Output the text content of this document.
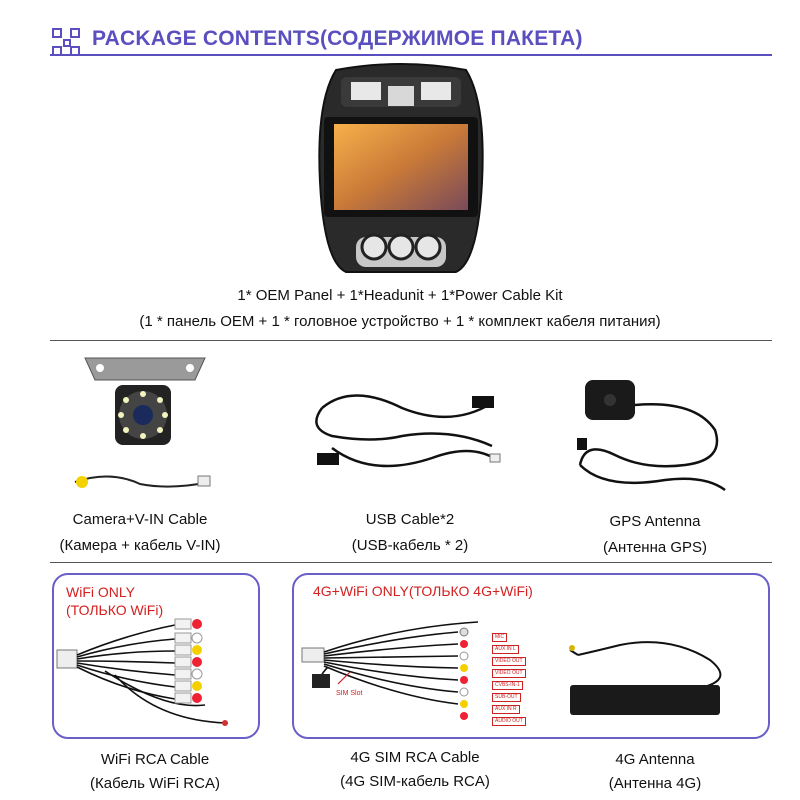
PACKAGE CONTENTS(СОДЕРЖИМОЕ ПАКЕТА)
1* OEM Panel + 1*Headunit + 1*Power Cable Kit
(1 * панель OEM + 1 * головное устройство + 1 * комплект кабеля питания)
Camera+V-IN Cable
(Камера + кабель V-IN)
USB Cable*2
(USB-кабель * 2)
GPS Antenna
(Антенна GPS)
WiFi ONLY
(ТОЛЬКО WiFi)
4G+WiFi ONLY(ТОЛЬКО 4G+WiFi)
SIM Slot
MIC
AUX IN L
VIDEO OUT
VIDEO OUT
CVBS-IN-1
SUB-OUT
AUX IN R
AUDIO OUT
WiFi RCA Cable
(Кабель WiFi RCA)
4G SIM RCA Cable
(4G SIM-кабель RCA)
4G Antenna
(Антенна 4G)
